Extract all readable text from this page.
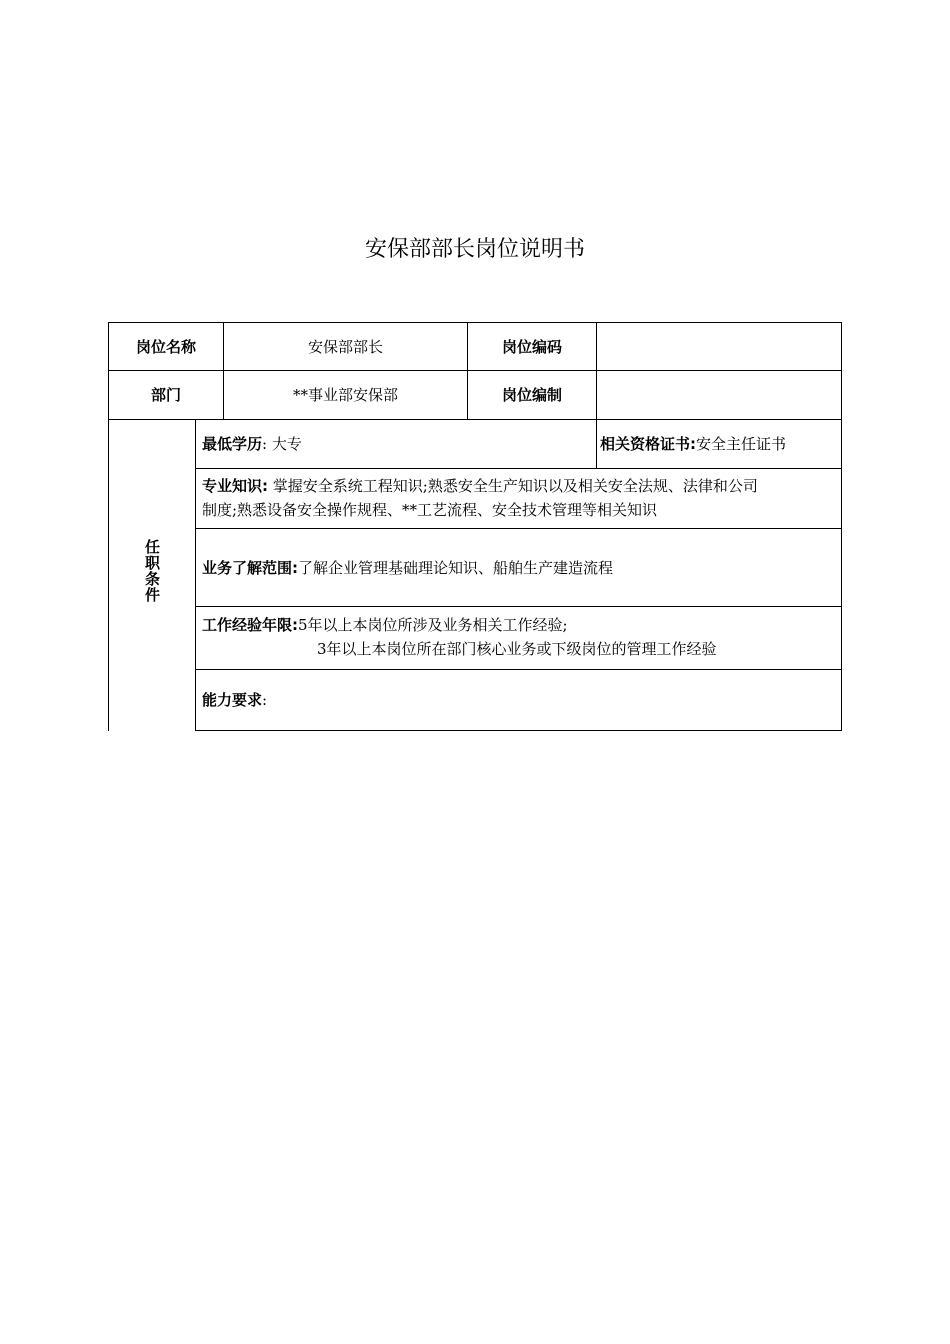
安保部部长岗位说明书
岗位名称	安保部部长	岗位编码
部门	**事业部安保部	岗位编制
任职条件
最低学历 : 大专	相关资格证书: 安全主任证书
专业知识: 掌握安全系统工程知识;熟悉安全生产知识以及相关安全法规、法律和公司
制度;熟悉设备安全操作规程、**工艺流程、安全技术管理等相关知识
业务了解范围: 了解企业管理基础理论知识、船舶生产建造流程
工作经验年限:5年以上本岗位所涉及业务相关工作经验;
3年以上本岗位所在部门核心业务或下级岗位的管理工作经验
能力要求 :
